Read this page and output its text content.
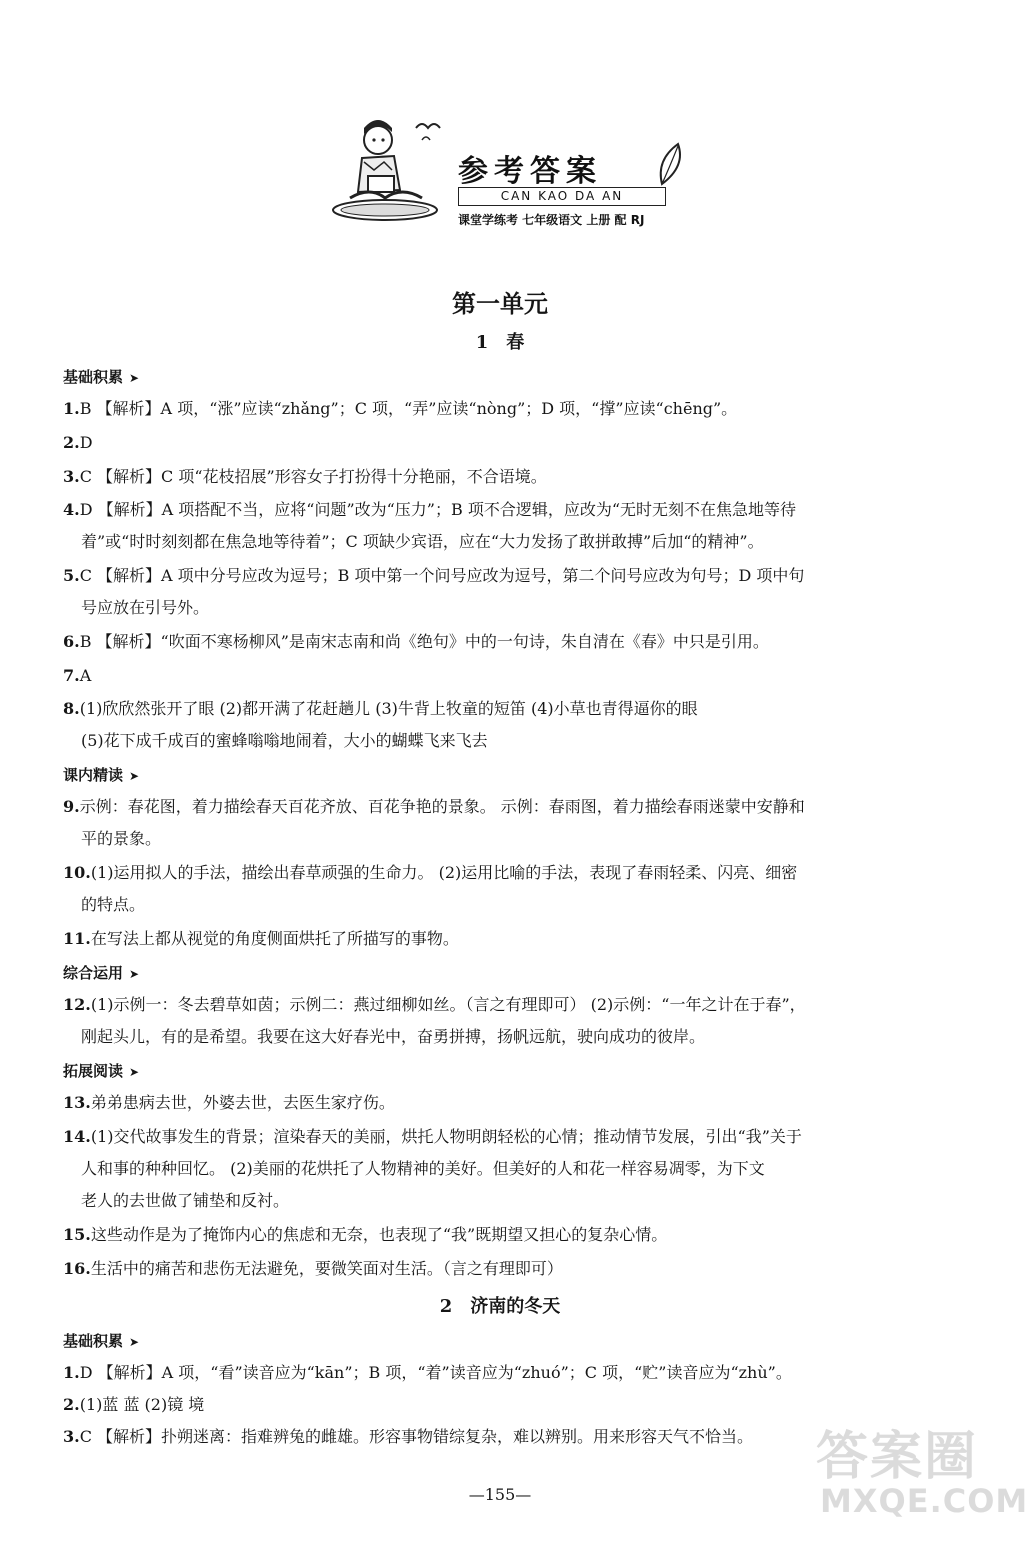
参考答案
CAN KAO DA AN
课堂学练考 七年级语文 上册 配 RJ
第一单元
1 春
基础积累 ➤
1.B 【解析】A 项，“涨”应读“zhǎng”；C 项，“弄”应读“nòng”；D 项，“撑”应读“chēng”。
2.D
3.C 【解析】C 项“花枝招展”形容女子打扮得十分艳丽，不合语境。
4.D 【解析】A 项搭配不当，应将“问题”改为“压力”；B 项不合逻辑，应改为“无时无刻不在焦急地等待
着”或“时时刻刻都在焦急地等待着”；C 项缺少宾语，应在“大力发扬了敢拼敢搏”后加“的精神”。
5.C 【解析】A 项中分号应改为逗号；B 项中第一个问号应改为逗号，第二个问号应改为句号；D 项中句
号应放在引号外。
6.B 【解析】“吹面不寒杨柳风”是南宋志南和尚《绝句》中的一句诗，朱自清在《春》中只是引用。
7.A
8.(1)欣欣然张开了眼 (2)都开满了花赶趟儿 (3)牛背上牧童的短笛 (4)小草也青得逼你的眼
(5)花下成千成百的蜜蜂嗡嗡地闹着，大小的蝴蝶飞来飞去
课内精读 ➤
9.示例：春花图，着力描绘春天百花齐放、百花争艳的景象。 示例：春雨图，着力描绘春雨迷蒙中安静和
平的景象。
10.(1)运用拟人的手法，描绘出春草顽强的生命力。 (2)运用比喻的手法，表现了春雨轻柔、闪亮、细密
的特点。
11.在写法上都从视觉的角度侧面烘托了所描写的事物。
综合运用 ➤
12.(1)示例一：冬去碧草如茵；示例二：燕过细柳如丝。（言之有理即可） (2)示例：“一年之计在于春”，
刚起头儿，有的是希望。我要在这大好春光中，奋勇拼搏，扬帆远航，驶向成功的彼岸。
拓展阅读 ➤
13.弟弟患病去世，外婆去世，去医生家疗伤。
14.(1)交代故事发生的背景；渲染春天的美丽，烘托人物明朗轻松的心情；推动情节发展，引出“我”关于
人和事的种种回忆。 (2)美丽的花烘托了人物精神的美好。但美好的人和花一样容易凋零，为下文
老人的去世做了铺垫和反衬。
15.这些动作是为了掩饰内心的焦虑和无奈，也表现了“我”既期望又担心的复杂心情。
16.生活中的痛苦和悲伤无法避免，要微笑面对生活。（言之有理即可）
2 济南的冬天
基础积累 ➤
1.D 【解析】A 项，“看”读音应为“kān”；B 项，“着”读音应为“zhuó”；C 项，“贮”读音应为“zhù”。
2.(1)蓝 蓝 (2)镜 境
3.C 【解析】扑朔迷离：指难辨兔的雌雄。形容事物错综复杂，难以辨别。用来形容天气不恰当。
—155—
答案圈
MXQE.COM
